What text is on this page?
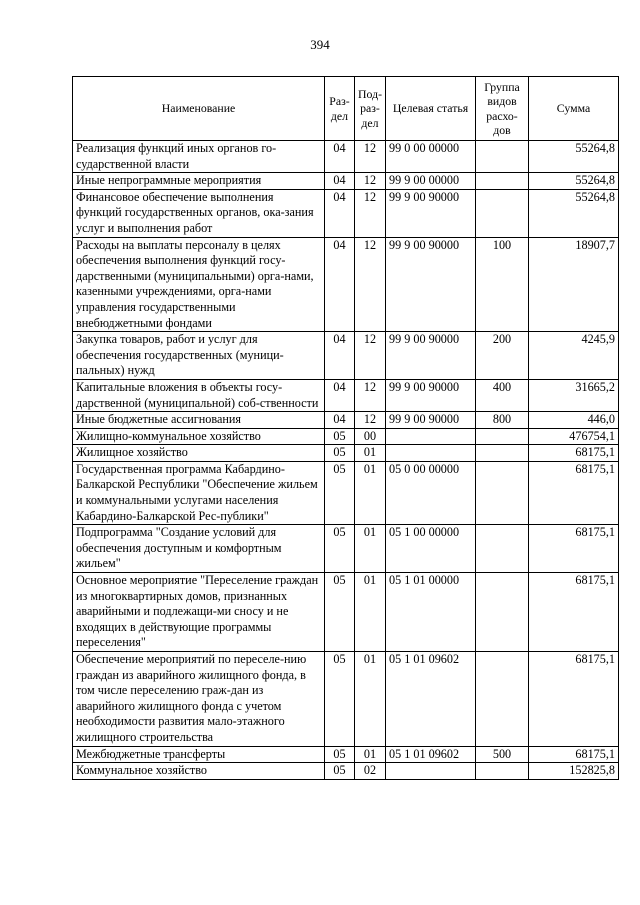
394
Наименование	Раз-дел	Под-раз-дел	Целевая статья	Группа видов расхо-дов	Сумма
Реализация функций иных органов го-сударственной власти	04	12	99 0 00 00000		55264,8
Иные непрограммные мероприятия	04	12	99 9 00 00000		55264,8
Финансовое обеспечение выполнения функций государственных органов, ока-зания услуг и выполнения работ	04	12	99 9 00 90000		55264,8
Расходы на выплаты персоналу в целях обеспечения выполнения функций госу-дарственными (муниципальными) орга-нами, казенными учреждениями, орга-нами управления государственными внебюджетными фондами	04	12	99 9 00 90000	100	18907,7
Закупка товаров, работ и услуг для обеспечения государственных (муници-пальных) нужд	04	12	99 9 00 90000	200	4245,9
Капитальные вложения в объекты госу-дарственной (муниципальной) соб-ственности	04	12	99 9 00 90000	400	31665,2
Иные бюджетные ассигнования	04	12	99 9 00 90000	800	446,0
Жилищно-коммунальное хозяйство	05	00			476754,1
Жилищное хозяйство	05	01			68175,1
Государственная программа Кабардино-Балкарской Республики "Обеспечение жильем и коммунальными услугами населения Кабардино-Балкарской Рес-публики"	05	01	05 0 00 00000		68175,1
Подпрограмма "Создание условий для обеспечения доступным и комфортным жильем"	05	01	05 1 00 00000		68175,1
Основное мероприятие "Переселение граждан из многоквартирных домов, признанных аварийными и подлежащи-ми сносу и не входящих в действующие программы переселения"	05	01	05 1 01 00000		68175,1
Обеспечение мероприятий по переселе-нию граждан из аварийного жилищного фонда, в том числе переселению граж-дан из аварийного жилищного фонда с учетом необходимости развития мало-этажного жилищного строительства	05	01	05 1 01 09602		68175,1
Межбюджетные трансферты	05	01	05 1 01 09602	500	68175,1
Коммунальное хозяйство	05	02			152825,8
